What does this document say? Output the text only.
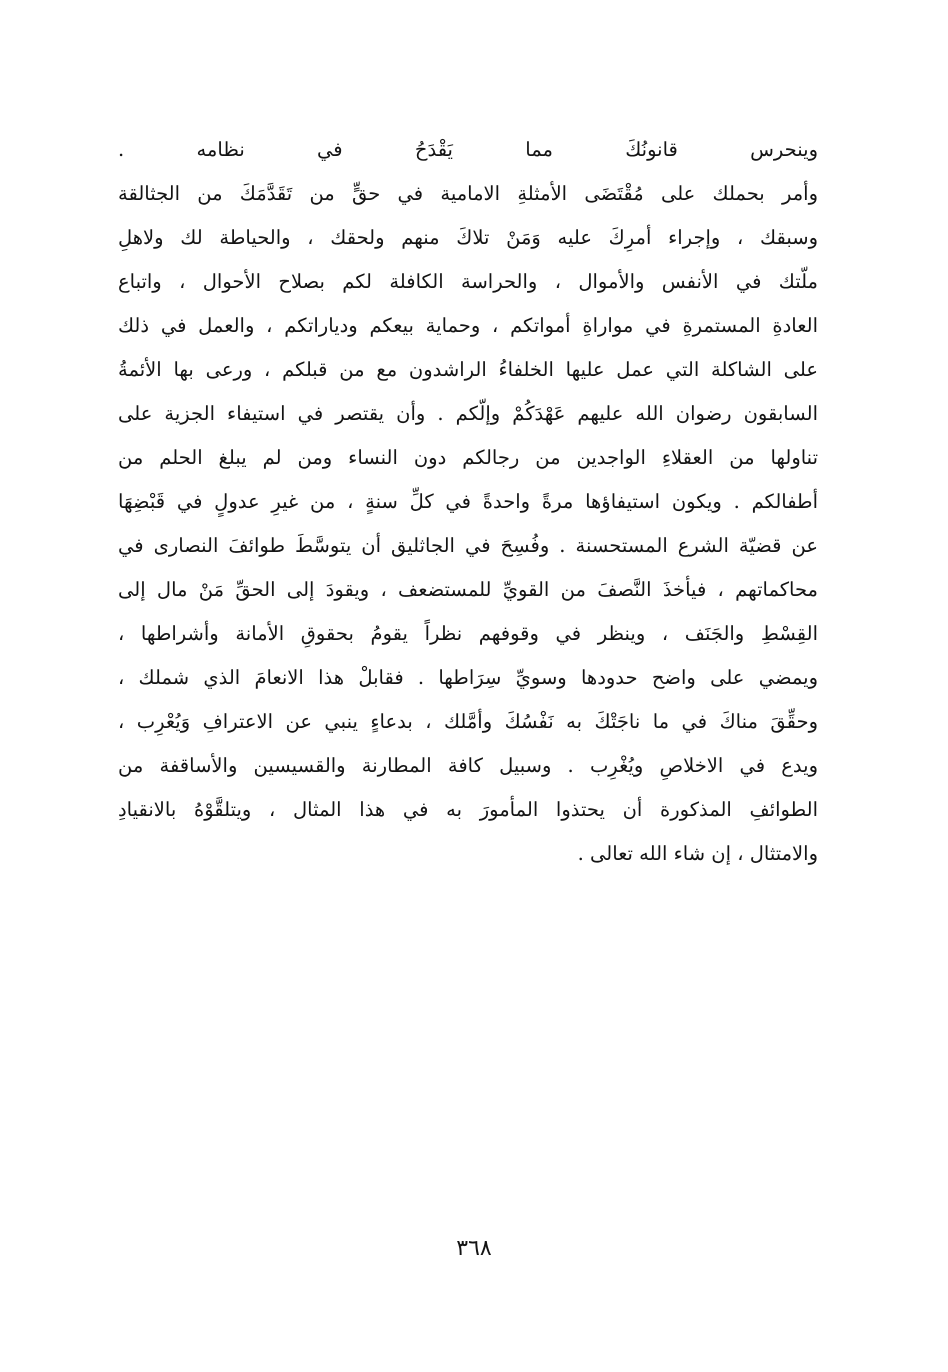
وينحرس قانونُكَ مما يَقْدَحُ في نظامه .
وأمر بحملك على مُقْتَضَى الأمثلةِ الامامية في حقٍّ من تَقَدَّمَكَ من الجثالقة
وسبقك ، وإجراء أمرِكَ عليه وَمَنْ تلاكَ منهم ولحقك ، والحياطة لك ولاهلِ
ملّتك في الأنفس والأموال ، والحراسة الكافلة لكم بصلاح الأحوال ، واتباع
العادةِ المستمرةِ في مواراةِ أمواتكم ، وحماية بيعكم ودياراتكم ، والعمل في ذلك
على الشاكلة التي عمل عليها الخلفاءُ الراشدون مع من قبلكم ، ورعى بها الأئمةُ
السابقون رضوان الله عليهم عَهْدَكُمْ وإلّكم . وأن يقتصر في استيفاء الجزية على
تناولها من العقلاءِ الواجدين من رجالكم دون النساء ومن لم يبلغ الحلم من
أطفالكم . ويكون استيفاؤها مرةً واحدةً في كلِّ سنةٍ ، من غيرِ عدولٍ في قَبْضِهَا
عن قضيّة الشرع المستحسنة . وفُسِحَ في الجاثليق أن يتوسَّطَ طوائفَ النصارى في
محاكماتهم ، فيأخذَ النَّصفَ من القويِّ للمستضعف ، ويقودَ إلى الحقِّ مَنْ مال إلى
القِسْطِ والجَنَف ، وينظر في وقوفهم نظراً يقومُ بحقوقِ الأمانة وأشراطها ،
ويمضي على واضح حدودها وسويِّ سِرَاطها . فقابلْ هذا الانعامَ الذي شملك ،
وحقِّقَ مناكَ في ما ناجَتْكَ به نَفْسُكَ وأمَّلك ، بدعاءٍ ينبي عن الاعترافِ وَيُعْرِب ،
ويدع في الاخلاصِ ويُغْرِب . وسبيل كافة المطارنة والقسيسين والأساقفة من
الطوائفِ المذكورة أن يحتذوا المأمورَ به في هذا المثال ، ويتلقَّوْهُ بالانقيادِ
والامتثال ، إن شاء الله تعالى .
٣٦٨
